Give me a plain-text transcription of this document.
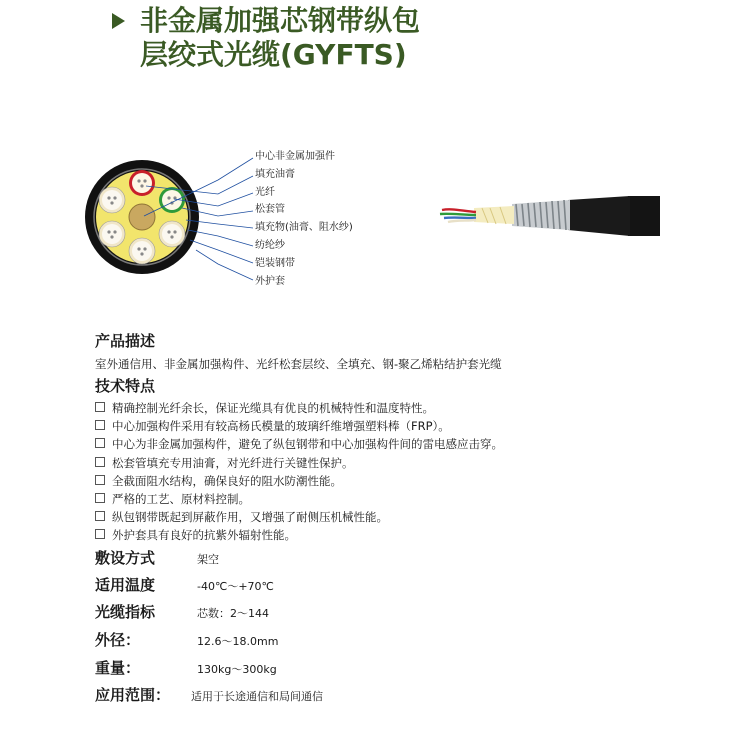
非金属加强芯钢带纵包
层绞式光缆(GYFTS)
中心非金属加强件
填充油膏
光纤
松套管
填充物(油膏、阻水纱)
纺纶纱
铠装钢带
外护套
产品描述
室外通信用、非金属加强构件、光纤松套层绞、全填充、钢-聚乙烯粘结护套光缆
技术特点
精确控制光纤余长，保证光缆具有优良的机械特性和温度特性。
中心加强构件采用有较高杨氏模量的玻璃纤维增强塑料棒（FRP）。
中心为非金属加强构件，避免了纵包钢带和中心加强构件间的雷电感应击穿。
松套管填充专用油膏，对光纤进行关键性保护。
全截面阻水结构，确保良好的阻水防潮性能。
严格的工艺、原材料控制。
纵包钢带既起到屏蔽作用，又增强了耐侧压机械性能。
外护套具有良好的抗紫外辐射性能。
敷设方式	架空
适用温度	-40℃～+70℃
光缆指标	芯数：2～144
外径：	12.6～18.0mm
重量：	130kg～300kg
应用范围： 适用于长途通信和局间通信
